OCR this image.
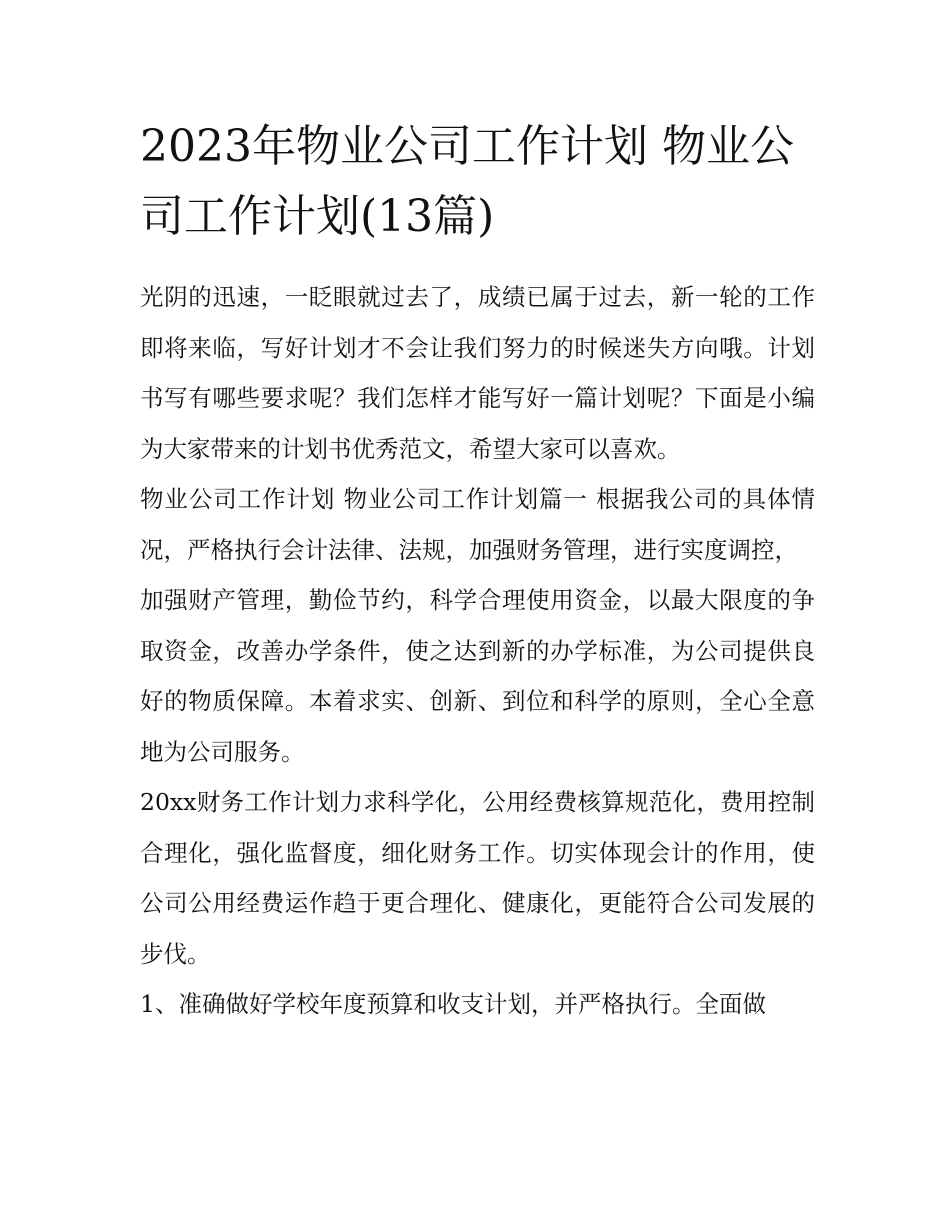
2023年物业公司工作计划 物业公司工作计划(13篇)

光阴的迅速，一眨眼就过去了，成绩已属于过去，新一轮的工作即将来临，写好计划才不会让我们努力的时候迷失方向哦。计划书写有哪些要求呢？我们怎样才能写好一篇计划呢？下面是小编为大家带来的计划书优秀范文，希望大家可以喜欢。

物业公司工作计划 物业公司工作计划篇一 根据我公司的具体情况，严格执行会计法律、法规，加强财务管理，进行实度调控，

加强财产管理，勤俭节约，科学合理使用资金，以最大限度的争取资金，改善办学条件，使之达到新的办学标准，为公司提供良好的物质保障。本着求实、创新、到位和科学的原则，全心全意地为公司服务。

20xx财务工作计划力求科学化，公用经费核算规范化，费用控制合理化，强化监督度，细化财务工作。切实体现会计的作用，使公司公用经费运作趋于更合理化、健康化，更能符合公司发展的步伐。

1、准确做好学校年度预算和收支计划，并严格执行。全面做
